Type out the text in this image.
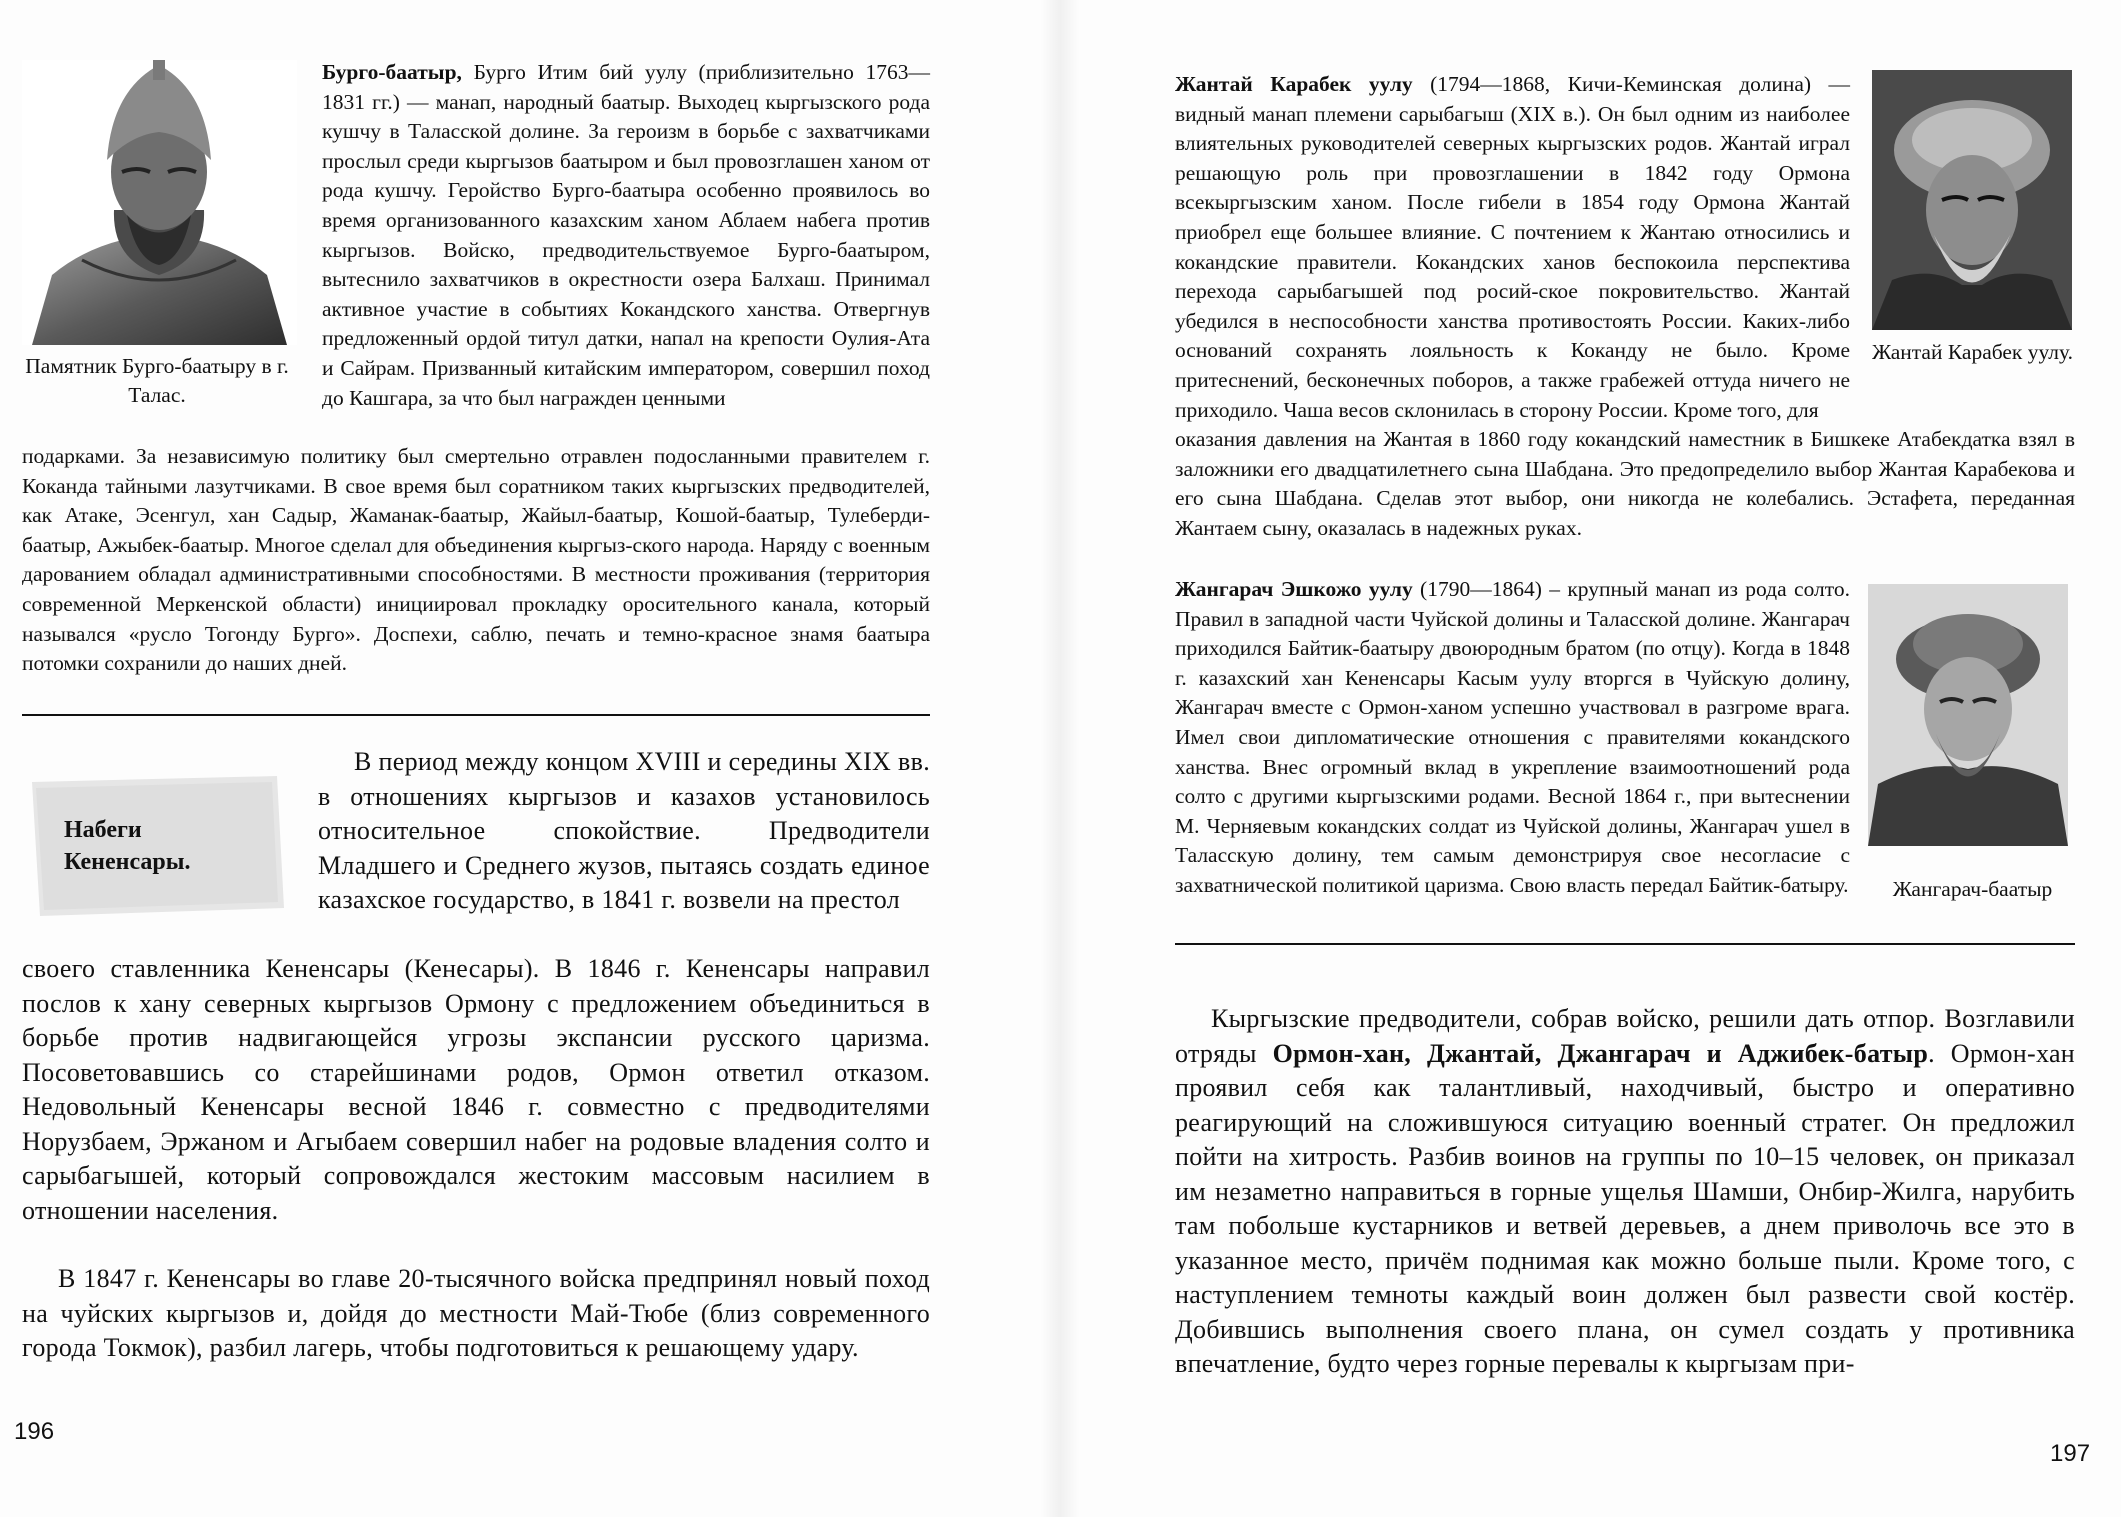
Памятник Бурго-баатыру в г. Талас.
Бурго-баатыр, Бурго Итим бий уулу (приблизительно 1763—1831 гг.) — манап, народный баатыр. Выходец кыргызского рода кушчу в Таласской долине. За героизм в борьбе с захватчиками прослыл среди кыргызов баатыром и был провозглашен ханом от рода кушчу. Геройство Бурго-баатыра особенно проявилось во время организованного казахским ханом Аблаем набега против кыргызов. Войско, предводительствуемое Бурго-баатыром, вытеснило захватчиков в окрестности озера Балхаш. Принимал активное участие в событиях Кокандского ханства. Отвергнув предложенный ордой титул датки, напал на крепости Оулия-Ата и Сайрам. Призванный китайским императором, совершил поход до Кашгара, за что был награжден ценными
подарками. За независимую политику был смертельно отравлен подосланными правителем г. Коканда тайными лазутчиками. В свое время был соратником таких кыргызских предводителей, как Атаке, Эсенгул, хан Садыр, Жаманак-баатыр, Жайыл-баатыр, Кошой-баатыр, Тулеберди-баатыр, Ажыбек-баатыр. Многое сделал для объединения кыргыз-ского народа. Наряду с военным дарованием обладал административными способностями. В местности проживания (территория современной Меркенской области) инициировал прокладку оросительного канала, который назывался «русло Тогонду Бурго». Доспехи, саблю, печать и темно-красное знамя баатыра потомки сохранили до наших дней.
Набеги Кененсары.
В период между концом XVIII и середины XIX вв. в отношениях кыргызов и казахов установилось относительное спокойствие. Предводители Младшего и Среднего жузов, пытаясь создать единое казахское государство, в 1841 г. возвели на престол
своего ставленника Кененсары (Кенесары). В 1846 г. Кененсары направил послов к хану северных кыргызов Ормону с предложением объединиться в борьбе против надвигающейся угрозы экспансии русского царизма. Посоветовавшись со старейшинами родов, Ормон ответил отказом. Недовольный Кененсары весной 1846 г. совместно с предводителями Норузбаем, Эржаном и Агыбаем совершил набег на родовые владения солто и сарыбагышей, который сопровождался жестоким массовым насилием в отношении населения.
В 1847 г. Кененсары во главе 20-тысячного войска предпринял новый поход на чуйских кыргызов и, дойдя до местности Май-Тюбе (близ современного города Токмок), разбил лагерь, чтобы подготовиться к решающему удару.
196
Жантай Карабек уулу (1794—1868, Кичи-Кеминская долина) — видный манап племени сарыбагыш (XIX в.). Он был одним из наиболее влиятельных руководителей северных кыргызских родов. Жантай играл решающую роль при провозглашении в 1842 году Ормона всекыргызским ханом. После гибели в 1854 году Ормона Жантай приобрел еще большее влияние. С почтением к Жантаю относились и кокандские правители. Кокандских ханов беспокоила перспектива перехода сарыбагышей под росий-ское покровительство. Жантай убедился в неспособности ханства противостоять России. Каких-либо оснований сохранять лояльность к Коканду не было. Кроме притеснений, бесконечных поборов, а также грабежей оттуда ничего не приходило. Чаша весов склонилась в сторону России. Кроме того, для
оказания давления на Жантая в 1860 году кокандский наместник в Бишкеке Атабекдатка взял в заложники его двадцатилетнего сына Шабдана. Это предопределило выбор Жантая Карабекова и его сына Шабдана. Сделав этот выбор, они никогда не колебались. Эстафета, переданная Жантаем сыну, оказалась в надежных руках.
Жантай Карабек уулу.
Жангарач Эшкожо уулу (1790—1864) – крупный манап из рода солто. Правил в западной части Чуйской долины и Таласской долине. Жангарач приходился Байтик-баатыру двоюродным братом (по отцу). Когда в 1848 г. казахский хан Кененсары Касым уулу вторгся в Чуйскую долину, Жангарач вместе с Ормон-ханом успешно участвовал в разгроме врага. Имел свои дипломатические отношения с правителями кокандского ханства. Внес огромный вклад в укрепление взаимоотношений рода солто с другими кыргызскими родами. Весной 1864 г., при вытеснении М. Черняевым кокандских солдат из Чуйской долины, Жангарач ушел в Таласскую долину, тем самым демонстрируя свое несогласие с захватнической политикой царизма. Свою власть передал Байтик-батыру.	Жангарач-баатыр
Кыргызские предводители, собрав войско, решили дать отпор. Возглавили отряды Ормон-хан, Джантай, Джангарач и Аджибек-батыр. Ормон-хан проявил себя как талантливый, находчивый, быстро и оперативно реагирующий на сложившуюся ситуацию военный стратег. Он предложил пойти на хитрость. Разбив воинов на группы по 10–15 человек, он приказал им незаметно направиться в горные ущелья Шамши, Онбир-Жилга, нарубить там побольше кустарников и ветвей деревьев, а днем приволочь все это в указанное место, причём поднимая как можно больше пыли. Кроме того, с наступлением темноты каждый воин должен был развести свой костёр. Добившись выполнения своего плана, он сумел создать у противника впечатление, будто через горные перевалы к кыргызам при-
197
